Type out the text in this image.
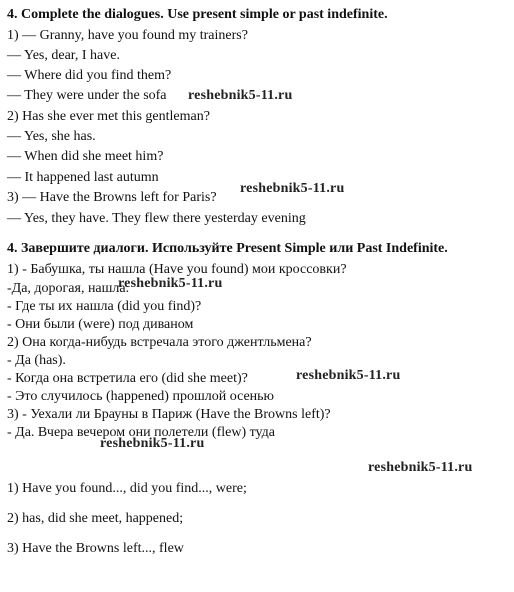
4. Complete the dialogues. Use present simple or past indefinite.
1) — Granny, have you found my trainers?
— Yes, dear, I have.
— Where did you find them?
— They were under the sofa
2) Has she ever met this gentleman?
— Yes, she has.
— When did she meet him?
— It happened last autumn
3) — Have the Browns left for Paris?
— Yes, they have. They flew there yesterday evening
4. Завершите диалоги. Используйте Present Simple или Past Indefinite.
1) - Бабушка, ты нашла (Have you found) мои кроссовки?
-Да, дорогая, нашла.
- Где ты их нашла (did you find)?
- Они были (were) под диваном
2) Она когда-нибудь встречала этого джентльмена?
- Да (has).
- Когда она встретила его (did she meet)?
- Это случилось (happened) прошлой осенью
3) - Уехали ли Брауны в Париж (Have the Browns left)?
- Да. Вчера вечером они полетели (flew) туда
1) Have you found..., did you find..., were;
2) has, did she meet, happened;
3) Have the Browns left..., flew
reshebnik5-11.ru
reshebnik5-11.ru
reshebnik5-11.ru
reshebnik5-11.ru
reshebnik5-11.ru
reshebnik5-11.ru
